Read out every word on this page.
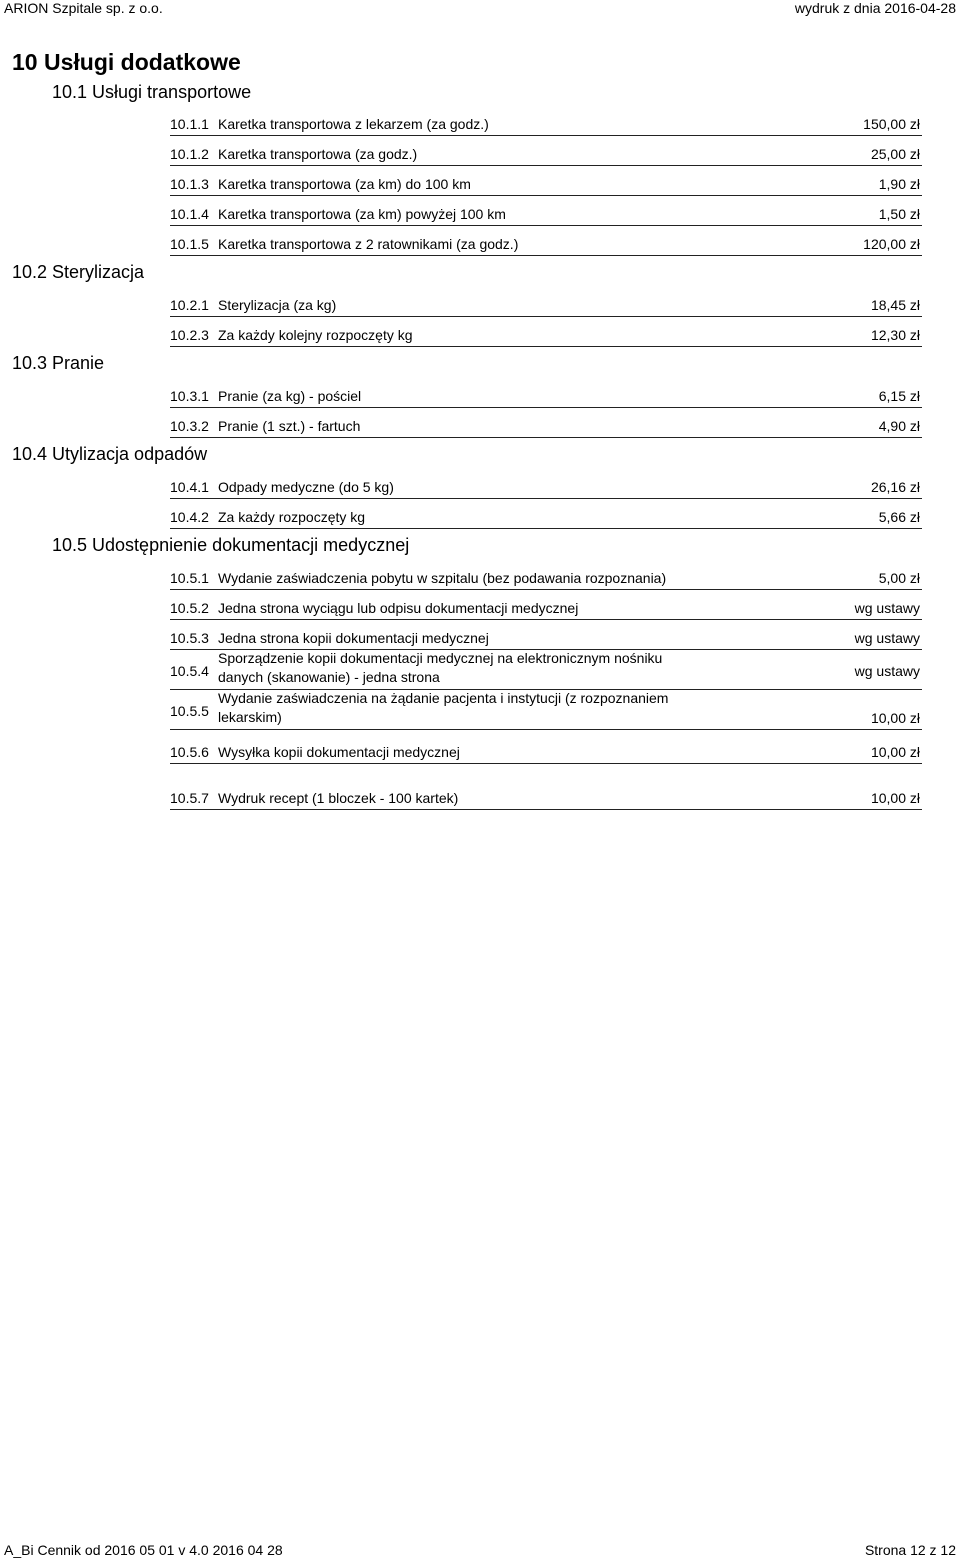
ARION Szpitale sp. z o.o.	wydruk z dnia 2016-04-28
10 Usługi dodatkowe
10.1 Usługi transportowe
10.1.1 Karetka transportowa z lekarzem (za godz.)	150,00 zł
10.1.2 Karetka transportowa (za godz.)	25,00 zł
10.1.3 Karetka transportowa (za km) do 100 km	1,90 zł
10.1.4 Karetka transportowa (za km) powyżej 100 km	1,50 zł
10.1.5 Karetka transportowa z 2 ratownikami (za godz.)	120,00 zł
10.2 Sterylizacja
10.2.1 Sterylizacja (za kg)	18,45 zł
10.2.3 Za każdy kolejny rozpoczęty kg	12,30 zł
10.3 Pranie
10.3.1 Pranie (za kg) - pościel	6,15 zł
10.3.2 Pranie (1 szt.) - fartuch	4,90 zł
10.4 Utylizacja odpadów
10.4.1 Odpady medyczne (do 5 kg)	26,16 zł
10.4.2 Za każdy rozpoczęty kg	5,66 zł
10.5 Udostępnienie dokumentacji medycznej
10.5.1 Wydanie zaświadczenia pobytu w szpitalu (bez podawania rozpoznania)	5,00 zł
10.5.2 Jedna strona wyciągu lub odpisu dokumentacji medycznej	wg ustawy
10.5.3 Jedna strona kopii dokumentacji medycznej	wg ustawy
10.5.4
Sporządzenie kopii dokumentacji medycznej na elektronicznym nośniku
danych (skanowanie) - jedna strona	wg ustawy
10.5.5
Wydanie zaświadczenia na żądanie pacjenta i instytucji (z rozpoznaniem
lekarskim)	10,00 zł
10.5.6 Wysyłka kopii dokumentacji medycznej	10,00 zł
10.5.7 Wydruk recept (1 bloczek - 100 kartek)	10,00 zł
A_Bi Cennik od 2016 05 01 v 4.0 2016 04 28	Strona 12 z 12
